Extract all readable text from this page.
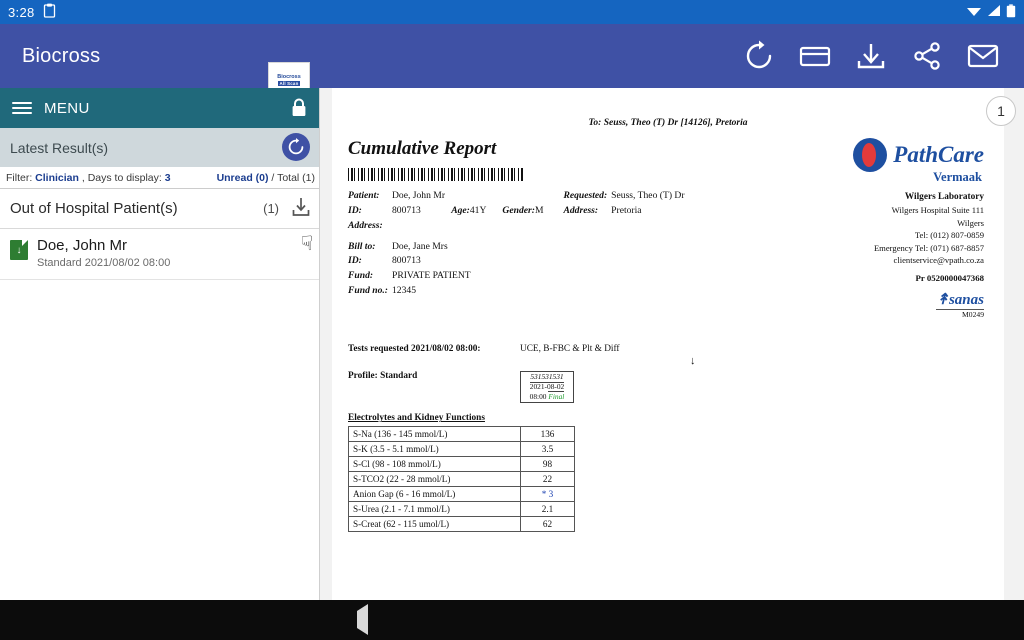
3:28
Biocross
Biocross
All Scan
MENU
Latest Result(s)
Filter: Clinician , Days to display: 3	Unread (0) / Total (1)
Out of Hospital Patient(s)	(1)
↓	Doe, John Mr
Standard 2021/08/02 08:00
☟
1
To: Seuss, Theo (T) Dr [14126], Pretoria
Cumulative Report
Patient:	Doe, John Mr	Requested:	Seuss, Theo (T) Dr
ID:	800713 Age:41Y Gender:M	Address:	Pretoria
Address:			

Bill to:	Doe, Jane Mrs		
ID:	800713		
Fund:	PRIVATE PATIENT		
Fund no.:	12345		
PathCare
Vermaak
Wilgers Laboratory
Wilgers Hospital Suite 111
Wilgers
Tel: (012) 807-0859
Emergency Tel: (071) 687-8857
clientservice@vpath.co.za
Pr 0520000047368
↟sanas
M0249
Tests requested 2021/08/02 08:00:	UCE, B-FBC & Plt & Diff
↓
Profile: Standard	531531531 2021-08-02 08:00 Final
Electrolytes and Kidney Functions
S-Na (136 - 145 mmol/L)	136
S-K (3.5 - 5.1 mmol/L)	3.5
S-Cl (98 - 108 mmol/L)	98
S-TCO2 (22 - 28 mmol/L)	22
Anion Gap (6 - 16 mmol/L)	* 3
S-Urea (2.1 - 7.1 mmol/L)	2.1
S-Creat (62 - 115 umol/L)	62
